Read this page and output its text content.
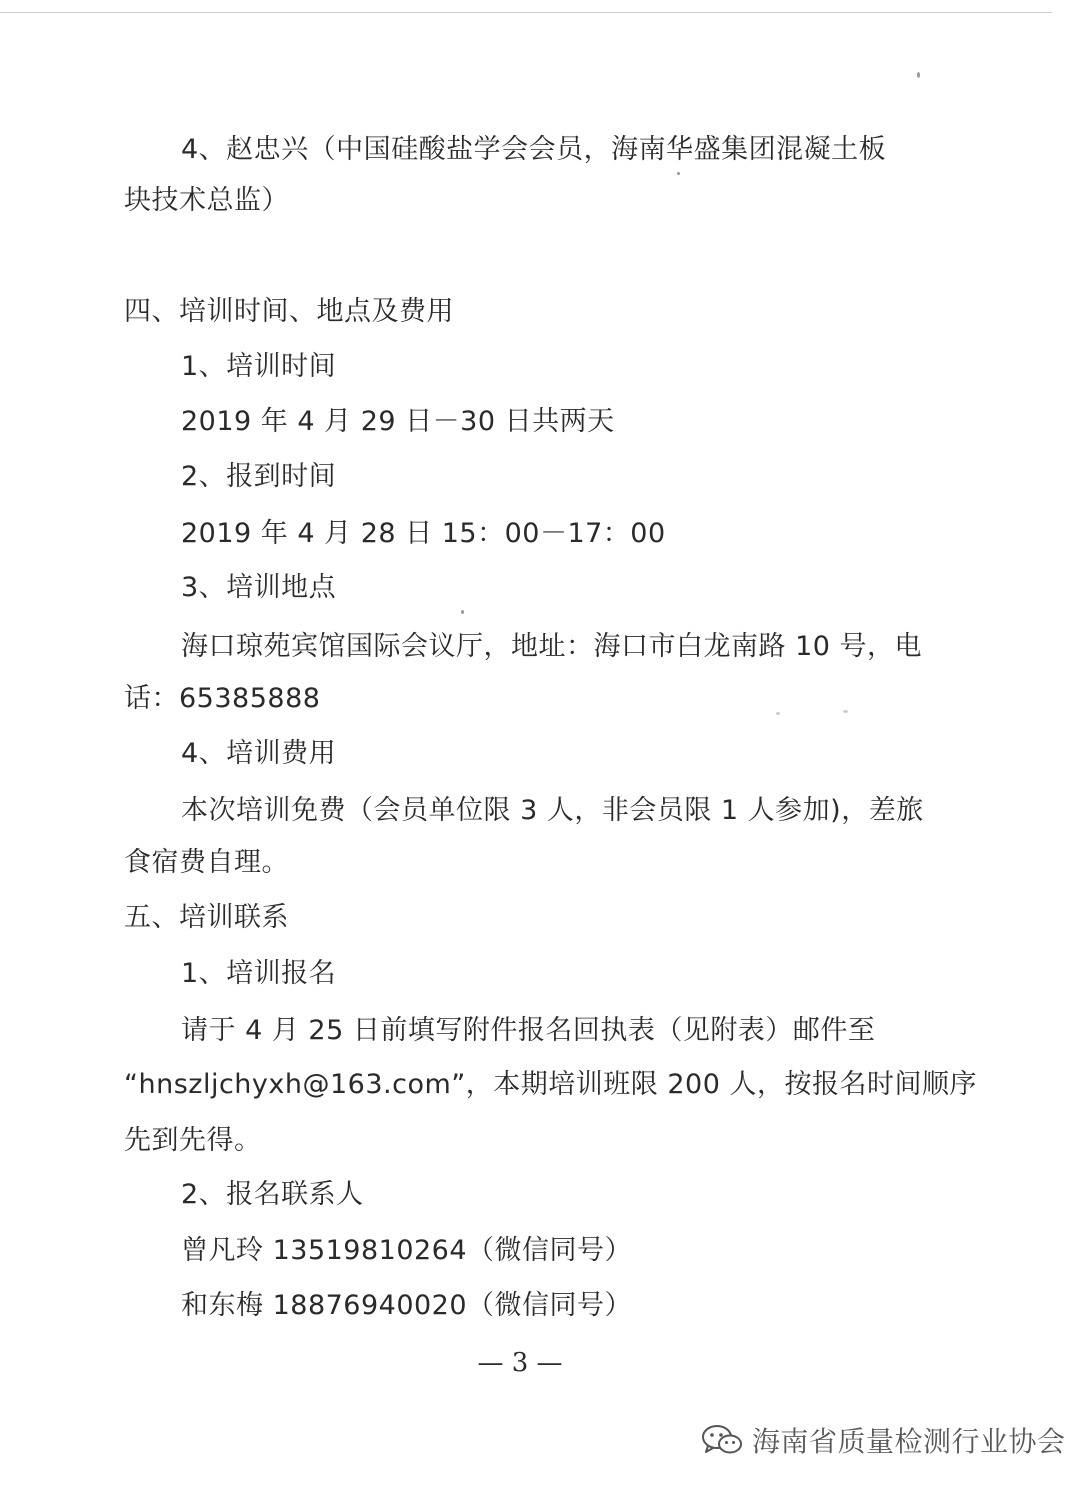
4、赵忠兴（中国硅酸盐学会会员，海南华盛集团混凝土板
块技术总监）
四、培训时间、地点及费用
1、培训时间
2019 年 4 月 29 日－30 日共两天
2、报到时间
2019 年 4 月 28 日 15：00－17：00
3、培训地点
海口琼苑宾馆国际会议厅，地址：海口市白龙南路 10 号，电
话：65385888
4、培训费用
本次培训免费（会员单位限 3 人，非会员限 1 人参加)，差旅
食宿费自理。
五、培训联系
1、培训报名
请于 4 月 25 日前填写附件报名回执表（见附表）邮件至
“hnszljchyxh@163.com”，本期培训班限 200 人，按报名时间顺序
先到先得。
2、报名联系人
曾凡玲 13519810264（微信同号）
和东梅 18876940020（微信同号）
— 3 —
海南省质量检测行业协会
